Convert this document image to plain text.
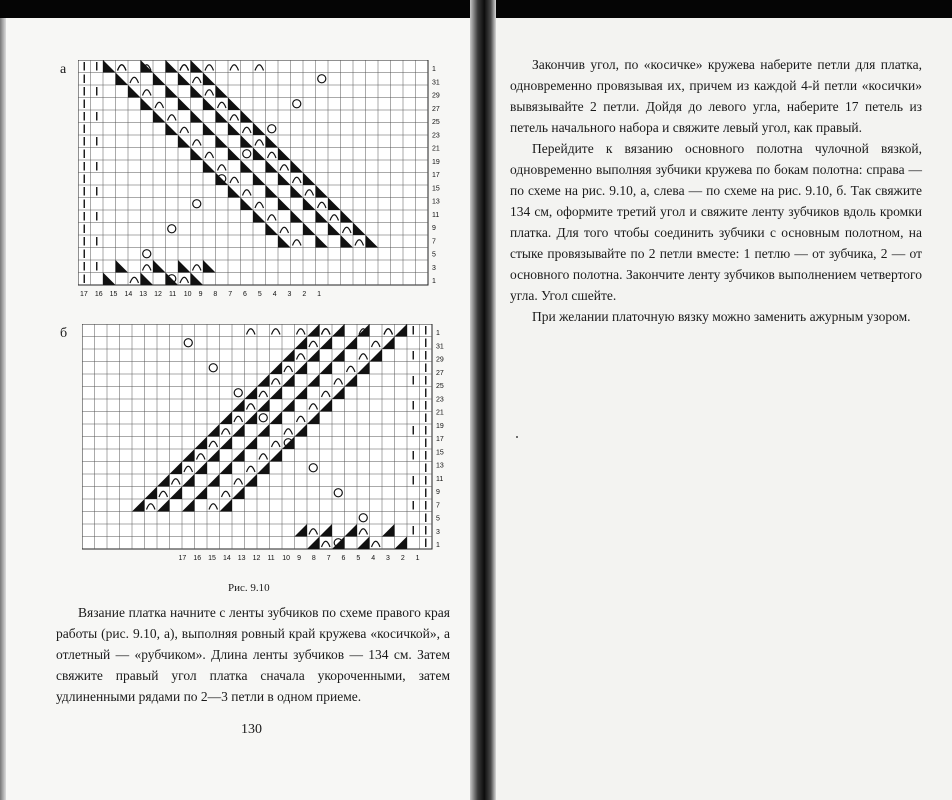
а	1
31
29
27
25
23
21
19
17
15
13
11
9
7
5
3
1
17 16 15 14 13 12 11 10 9 8 7 6 5 4 3 2 1
б	1
31
29
27
25
23
21
19
17
15
13
11
9
7
5
3
1
17 16 15 14 13 12 11 10 9 8 7 6 5 4 3 2 1
Рис. 9.10

Вязание платка начните с ленты зубчиков по схеме правого края работы (рис. 9.10, а), выполняя ровный край кружева «косичкой», а отлетный — «рубчиком». Длина ленты зубчиков — 134 см. Затем свяжите правый угол платка сначала укороченными, затем удлиненными рядами по 2—3 петли в одном приеме.

130

Закончив угол, по «косичке» кружева наберите петли для платка, одновременно провязывая их, причем из каждой 4-й петли «косички» вывязывайте 2 петли. Дойдя до левого угла, наберите 17 петель из петель начального набора и свяжите левый угол, как правый.

Перейдите к вязанию основного полотна чулочной вязкой, одновременно выполняя зубчики кружева по бокам полотна: справа — по схеме на рис. 9.10, а, слева — по схеме на рис. 9.10, б. Так свяжите 134 см, оформите третий угол и свяжите ленту зубчиков вдоль кромки платка. Для того чтобы соединить зубчики с основным полотном, на стыке провязывайте по 2 петли вместе: 1 петлю — от зубчика, 2 — от основного полотна. Закончите ленту зубчиков выполнением четвертого угла. Угол сшейте.

При желании платочную вязку можно заменить ажурным узором.
